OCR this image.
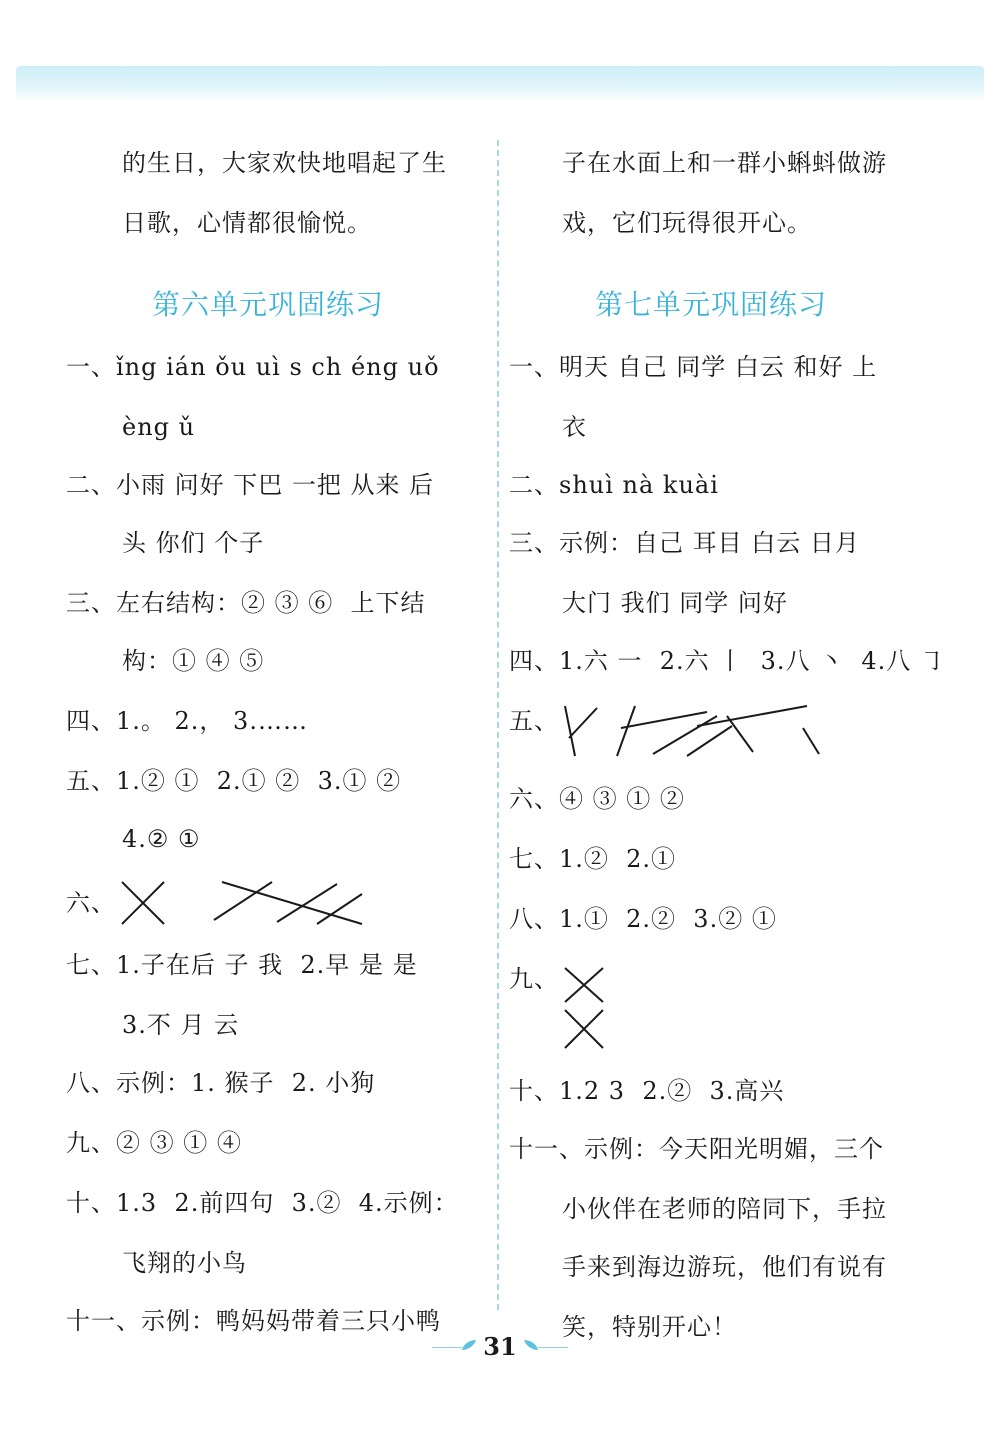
的生日，大家欢快地唱起了生
日歌，心情都很愉悦。
第六单元巩固练习
一、ǐng ián ǒu uì s ch éng uǒ
èng ǔ
二、小雨 问好 下巴 一把 从来 后
头 你们 个子
三、左右结构：② ③ ⑥  上下结
构：① ④ ⑤
四、1.。 2.， 3.……
五、1.② ①  2.① ②  3.① ②
4.② ①
六、
七、1.子在后 子 我  2.早 是 是
3.不 月 云
八、示例：1. 猴子  2. 小狗
九、② ③ ① ④
十、1.3  2.前四句  3.②  4.示例：
飞翔的小鸟
十一、示例：鸭妈妈带着三只小鸭
子在水面上和一群小蝌蚪做游
戏，它们玩得很开心。
第七单元巩固练习
一、明天 自己 同学 白云 和好 上
衣
二、shuì nà kuài
三、示例：自己 耳目 白云 日月
大门 我们 同学 问好
四、1.六 一  2.六 丨  3.八 丶  4.八 ㇆
五、
六、④ ③ ① ②
七、1.②  2.①
八、1.①  2.②  3.② ①
九、
十、1.2 3  2.②  3.高兴
十一、示例：今天阳光明媚，三个
小伙伴在老师的陪同下，手拉
手来到海边游玩，他们有说有
笑，特别开心！
31
